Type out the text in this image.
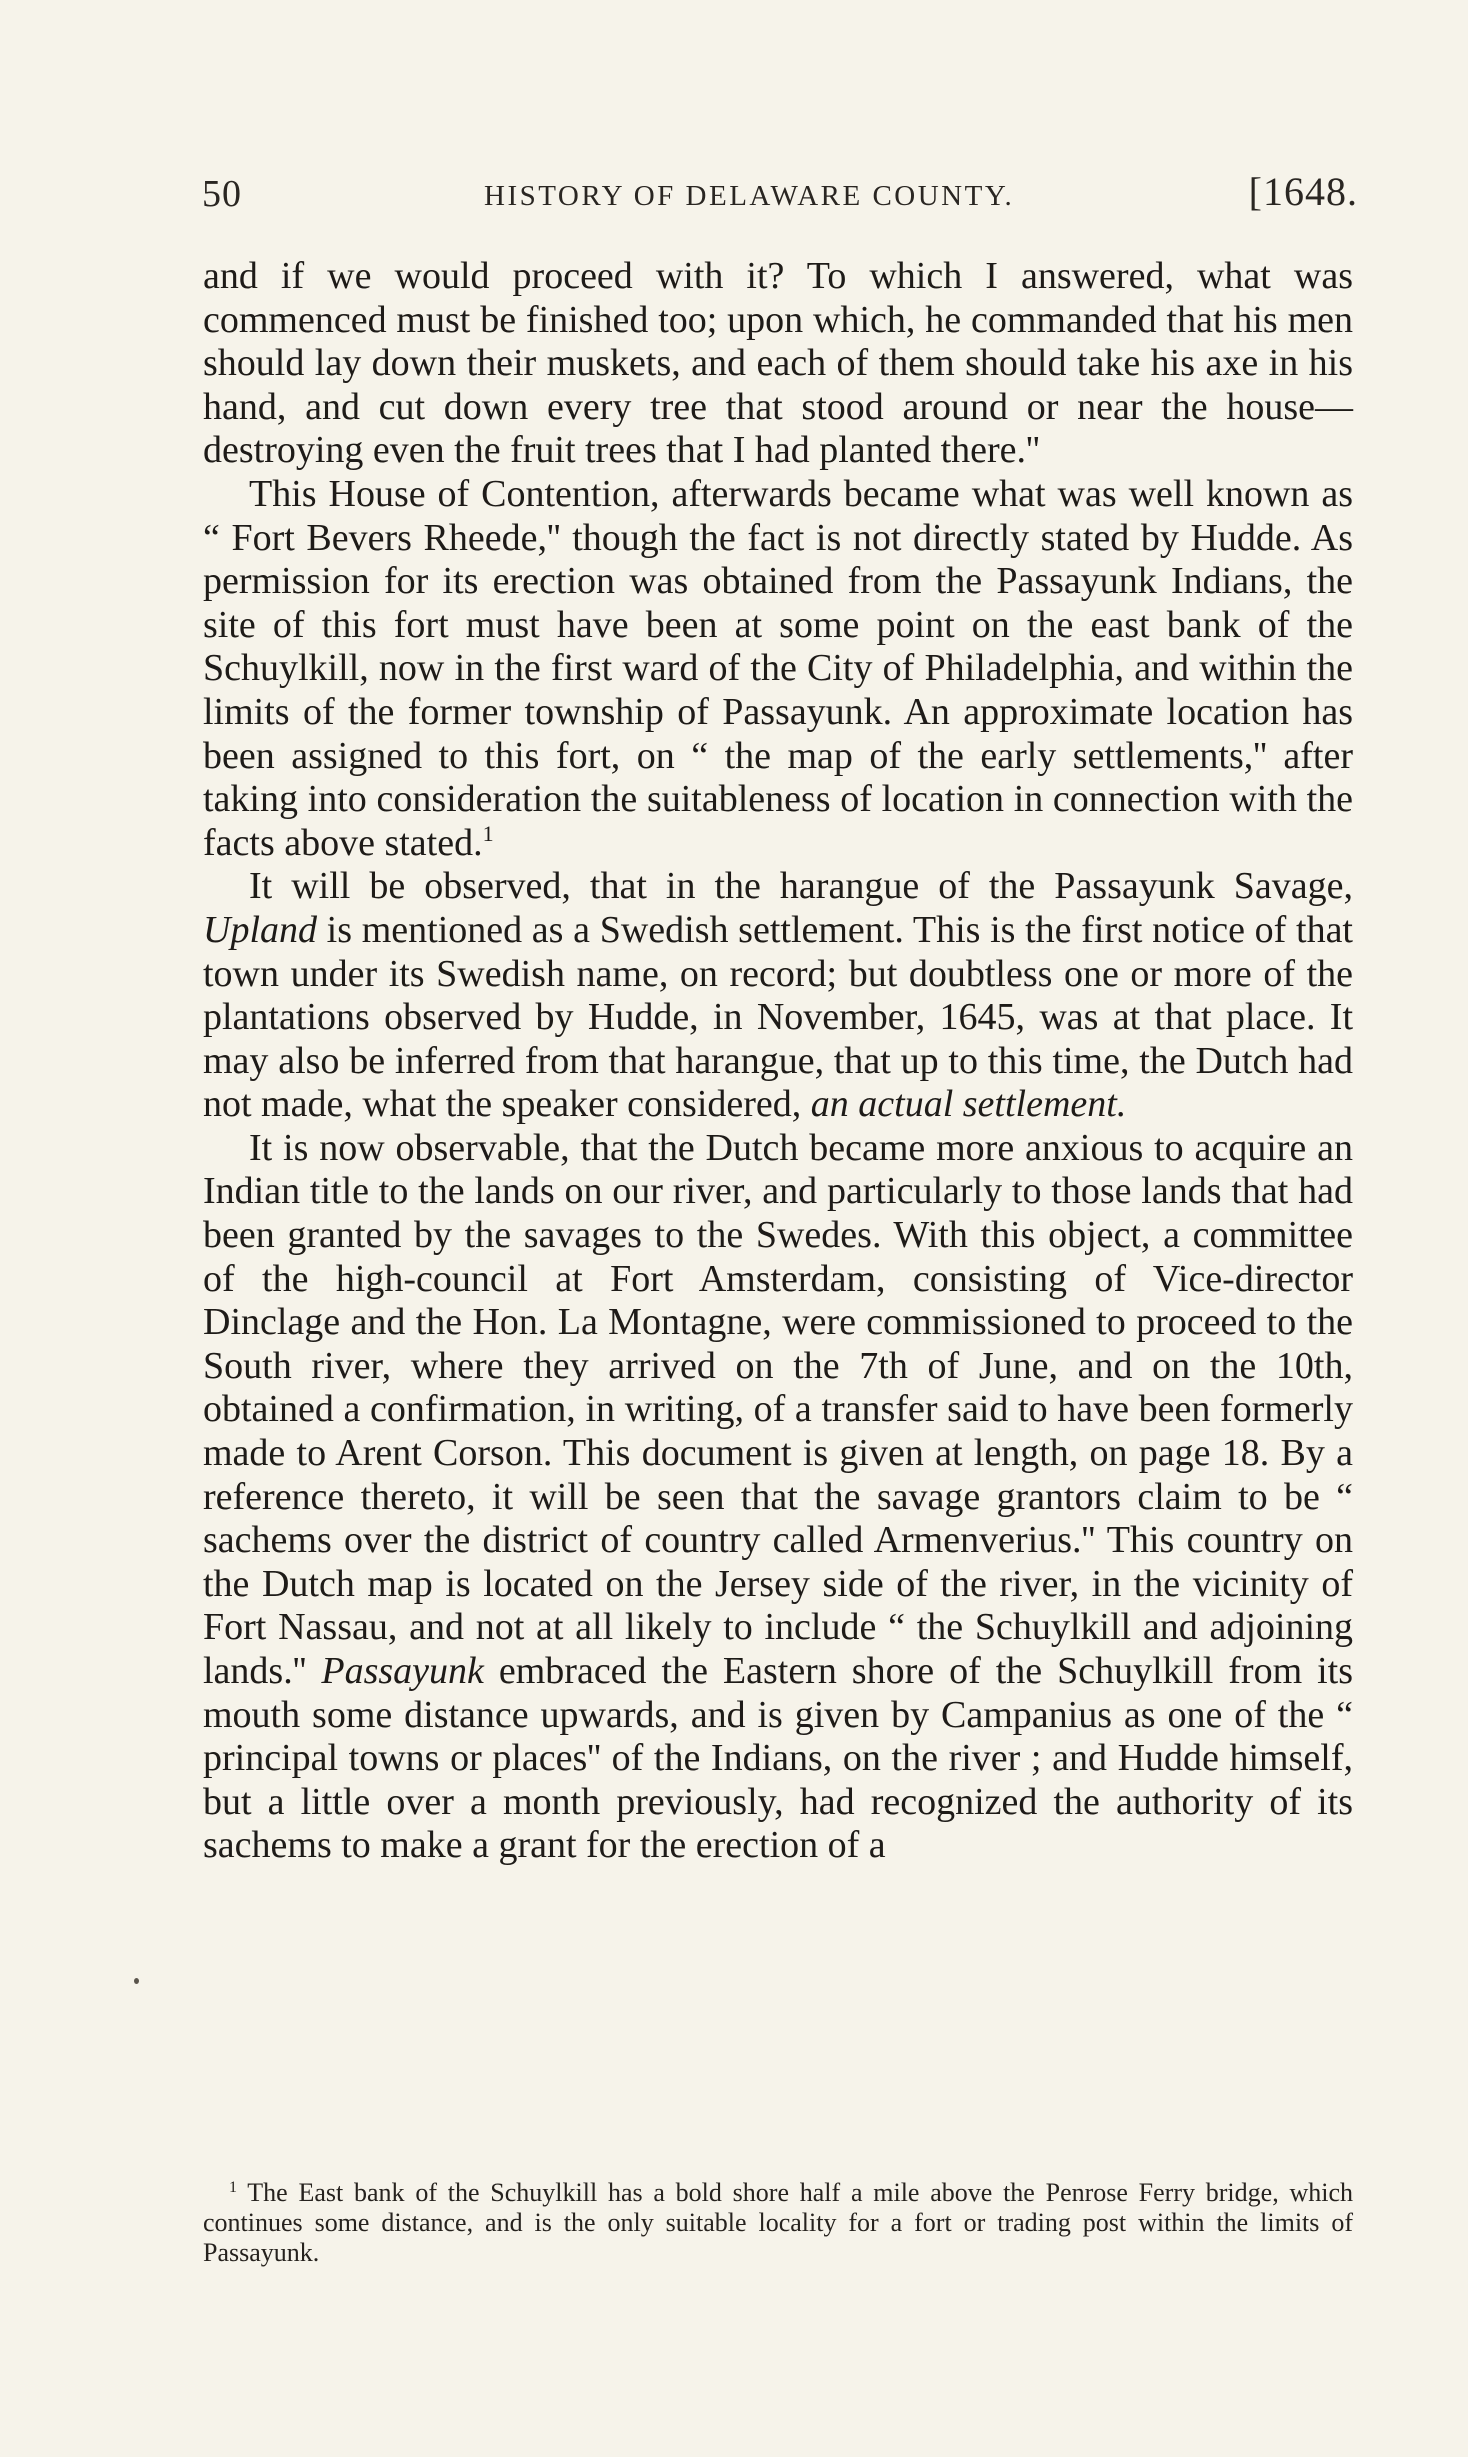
50	HISTORY OF DELAWARE COUNTY.	[1648.

and if we would proceed with it? To which I answered, what was commenced must be finished too; upon which, he commanded that his men should lay down their muskets, and each of them should take his axe in his hand, and cut down every tree that stood around or near the house—destroying even the fruit trees that I had planted there.''

This House of Contention, afterwards became what was well known as “ Fort Bevers Rheede,'' though the fact is not directly stated by Hudde. As permission for its erection was obtained from the Passayunk Indians, the site of this fort must have been at some point on the east bank of the Schuylkill, now in the first ward of the City of Philadelphia, and within the limits of the former township of Passayunk. An approximate location has been assigned to this fort, on “ the map of the early settlements,'' after taking into consideration the suitableness of location in connection with the facts above stated.$^1$

It will be observed, that in the harangue of the Passayunk Savage, Upland is mentioned as a Swedish settlement. This is the first notice of that town under its Swedish name, on record; but doubtless one or more of the plantations observed by Hudde, in November, 1645, was at that place. It may also be inferred from that harangue, that up to this time, the Dutch had not made, what the speaker considered, an actual settlement.

It is now observable, that the Dutch became more anxious to acquire an Indian title to the lands on our river, and particularly to those lands that had been granted by the savages to the Swedes. With this object, a committee of the high-council at Fort Amsterdam, consisting of Vice-director Dinclage and the Hon. La Montagne, were commissioned to proceed to the South river, where they arrived on the 7th of June, and on the 10th, obtained a confirmation, in writing, of a transfer said to have been formerly made to Arent Corson. This document is given at length, on page 18. By a reference thereto, it will be seen that the savage grantors claim to be “ sachems over the district of country called Armenverius.'' This country on the Dutch map is located on the Jersey side of the river, in the vicinity of Fort Nassau, and not at all likely to include “ the Schuylkill and adjoining lands.'' Passayunk embraced the Eastern shore of the Schuylkill from its mouth some distance upwards, and is given by Campanius as one of the “ principal towns or places'' of the Indians, on the river ; and Hudde himself, but a little over a month previously, had recognized the authority of its sachems to make a grant for the erection of a

$^1$ The East bank of the Schuylkill has a bold shore half a mile above the Penrose Ferry bridge, which continues some distance, and is the only suitable locality for a fort or trading post within the limits of Passayunk.
